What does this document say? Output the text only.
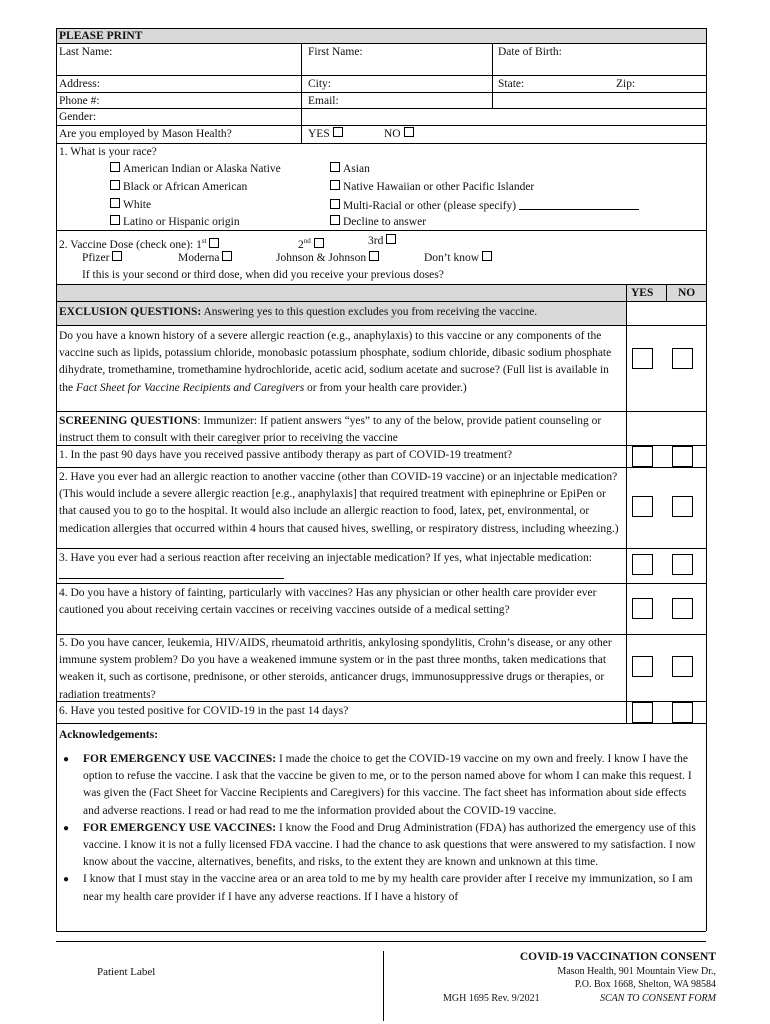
PLEASE PRINT
Last Name:	First Name:	Date of Birth:
Address:	City:	State:	Zip:
Phone #:	Email:
Gender:
Are you employed by Mason Health?	YES	NO
1. What is your race?
American Indian or Alaska Native
Black or African American
White
Latino or Hispanic origin
Asian
Native Hawaiian or other Pacific Islander
Multi-Racial or other (please specify)
Decline to answer
2. Vaccine Dose (check one): 1st	2nd	3rd
Pfizer	Moderna	Johnson & Johnson	Don’t know
If this is your second or third dose, when did you receive your previous doses?
YES NO
EXCLUSION QUESTIONS: Answering yes to this question excludes you from receiving the vaccine.
Do you have a known history of a severe allergic reaction (e.g., anaphylaxis) to this vaccine or any components of the vaccine such as lipids, potassium chloride, monobasic potassium phosphate, sodium chloride, dibasic sodium phosphate dihydrate, tromethamine, tromethamine hydrochloride, acetic acid, sodium acetate and sucrose? (Full list is available in the Fact Sheet for Vaccine Recipients and Caregivers or from your health care provider.)
SCREENING QUESTIONS: Immunizer: If patient answers “yes” to any of the below, provide patient counseling or instruct them to consult with their caregiver prior to receiving the vaccine
1. In the past 90 days have you received passive antibody therapy as part of COVID-19 treatment?
2. Have you ever had an allergic reaction to another vaccine (other than COVID-19 vaccine) or an injectable medication? (This would include a severe allergic reaction [e.g., anaphylaxis] that required treatment with epinephrine or EpiPen or that caused you to go to the hospital. It would also include an allergic reaction to food, latex, pet, environmental, or medication allergies that occurred within 4 hours that caused hives, swelling, or respiratory distress, including wheezing.)
3. Have you ever had a serious reaction after receiving an injectable medication? If yes, what injectable medication:
4. Do you have a history of fainting, particularly with vaccines? Has any physician or other health care provider ever cautioned you about receiving certain vaccines or receiving vaccines outside of a medical setting?
5. Do you have cancer, leukemia, HIV/AIDS, rheumatoid arthritis, ankylosing spondylitis, Crohn’s disease, or any other immune system problem? Do you have a weakened immune system or in the past three months, taken medications that weaken it, such as cortisone, prednisone, or other steroids, anticancer drugs, immunosuppressive drugs or therapies, or radiation treatments?
6. Have you tested positive for COVID-19 in the past 14 days?
Acknowledgements:
● FOR EMERGENCY USE VACCINES: I made the choice to get the COVID-19 vaccine on my own and freely. I know I have the option to refuse the vaccine. I ask that the vaccine be given to me, or to the person named above for whom I can make this request. I was given the (Fact Sheet for Vaccine Recipients and Caregivers) for this vaccine. The fact sheet has information about side effects and adverse reactions. I read or had read to me the information provided about the COVID-19 vaccine.
● FOR EMERGENCY USE VACCINES: I know the Food and Drug Administration (FDA) has authorized the emergency use of this vaccine. I know it is not a fully licensed FDA vaccine. I had the chance to ask questions that were answered to my satisfaction. I now know about the vaccine, alternatives, benefits, and risks, to the extent they are known and unknown at this time.
● I know that I must stay in the vaccine area or an area told to me by my health care provider after I receive my immunization, so I am near my health care provider if I have any adverse reactions. If I have a history of
Patient Label
COVID-19 VACCINATION CONSENT
Mason Health, 901 Mountain View Dr.,
P.O. Box 1668, Shelton, WA 98584
MGH 1695 Rev. 9/2021	SCAN TO CONSENT FORM
